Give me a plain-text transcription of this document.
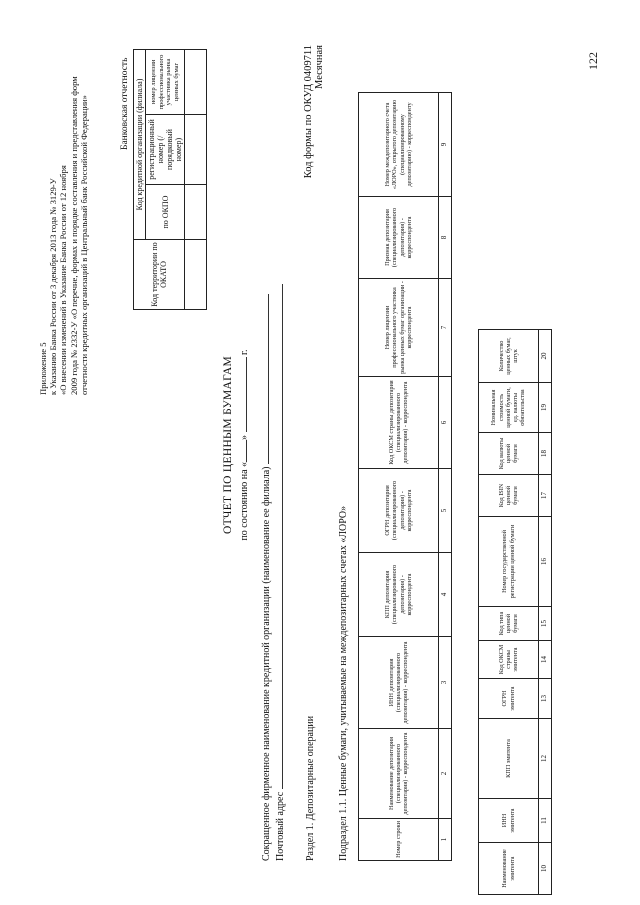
Приложение 5 к Указанию Банка России от 3 декабря 2013 года № 3129-У «О внесении изменений в Указание Банка России от 12 ноября 2009 года № 2332-У «О перечне, формах и порядке составления и представления форм отчетности кредитных организаций в Центральный банк Российской Федерации»	Банковская отчетность
Код территории по ОКАТО	Код кредитной организации (филиала)		
	по ОКПО	регистрационный номер (/порядковый номер)	номер лицензии профессионального участника рынка ценных бумаг

ОТЧЕТ ПО ЦЕННЫМ БУМАГАМ по состоянию на «»  г.
Код формы по ОКУД 0409711 Месячная
Сокращенное фирменное наименование кредитной организации (наименование ее филиала) Почтовый адрес Раздел 1. Депозитарные операции Подраздел 1.1. Ценные бумаги, учитываемые на междепозитарных счетах «ЛОРО»	Номер строки	Наименование депозитария (специализированного депозитария) - корреспондента	ИНН депозитария (специализированного депозитария) - корреспондента	КПП депозитария (специализированного депозитария) - корреспондента	ОГРН депозитария (специализированного депозитария) - корреспондента	Код ОКСМ страны депозитария (специализированного депозитария) - корреспондента	Номер лицензии профессионального участника рынка ценных бумаг организации - корреспондента	Признак депозитария (специализированного депозитария) - корреспондента	Номер междепозитарного счета «ЛОРО», открытого депозитарию (специализированному депозитарию) - корреспонденту
1	2	3	4	5	6	7	8	9
Наименование эмитента	ИНН эмитента	КПП эмитента	ОГРН эмитента	Код ОКСМ страны эмитента	Код типа ценной бумаги	Номер государственной регистрации ценной бумаги	Код ISIN ценной бумаги	Код валюты ценной бумаги	Номинальная стоимость ценной бумаги, ед. валюты обязательства	Количество ценных бумаг, штук
10	11	12	13	14	15	16	17	18	19	20
122
